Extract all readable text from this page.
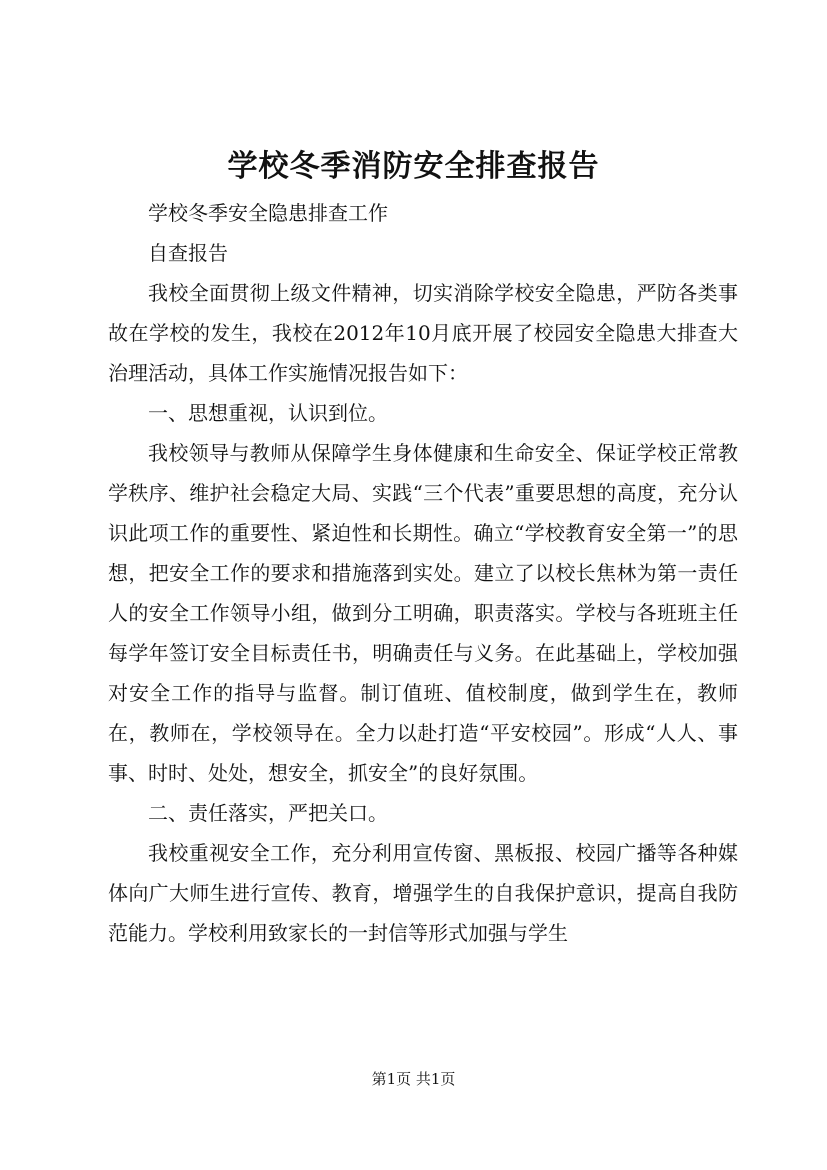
学校冬季消防安全排查报告

学校冬季安全隐患排查工作

自查报告

我校全面贯彻上级文件精神，切实消除学校安全隐患，严防各类事故在学校的发生，我校在2012年10月底开展了校园安全隐患大排查大治理活动，具体工作实施情况报告如下：

一、思想重视，认识到位。

我校领导与教师从保障学生身体健康和生命安全、保证学校正常教学秩序、维护社会稳定大局、实践“三个代表”重要思想的高度，充分认识此项工作的重要性、紧迫性和长期性。确立“学校教育安全第一”的思想，把安全工作的要求和措施落到实处。建立了以校长焦林为第一责任人的安全工作领导小组，做到分工明确，职责落实。学校与各班班主任每学年签订安全目标责任书，明确责任与义务。在此基础上，学校加强对安全工作的指导与监督。制订值班、值校制度，做到学生在，教师在，教师在，学校领导在。全力以赴打造“平安校园”。形成“人人、事事、时时、处处，想安全，抓安全”的良好氛围。

二、责任落实，严把关口。

我校重视安全工作，充分利用宣传窗、黑板报、校园广播等各种媒体向广大师生进行宣传、教育，增强学生的自我保护意识，提高自我防范能力。学校利用致家长的一封信等形式加强与学生

第1页 共1页
